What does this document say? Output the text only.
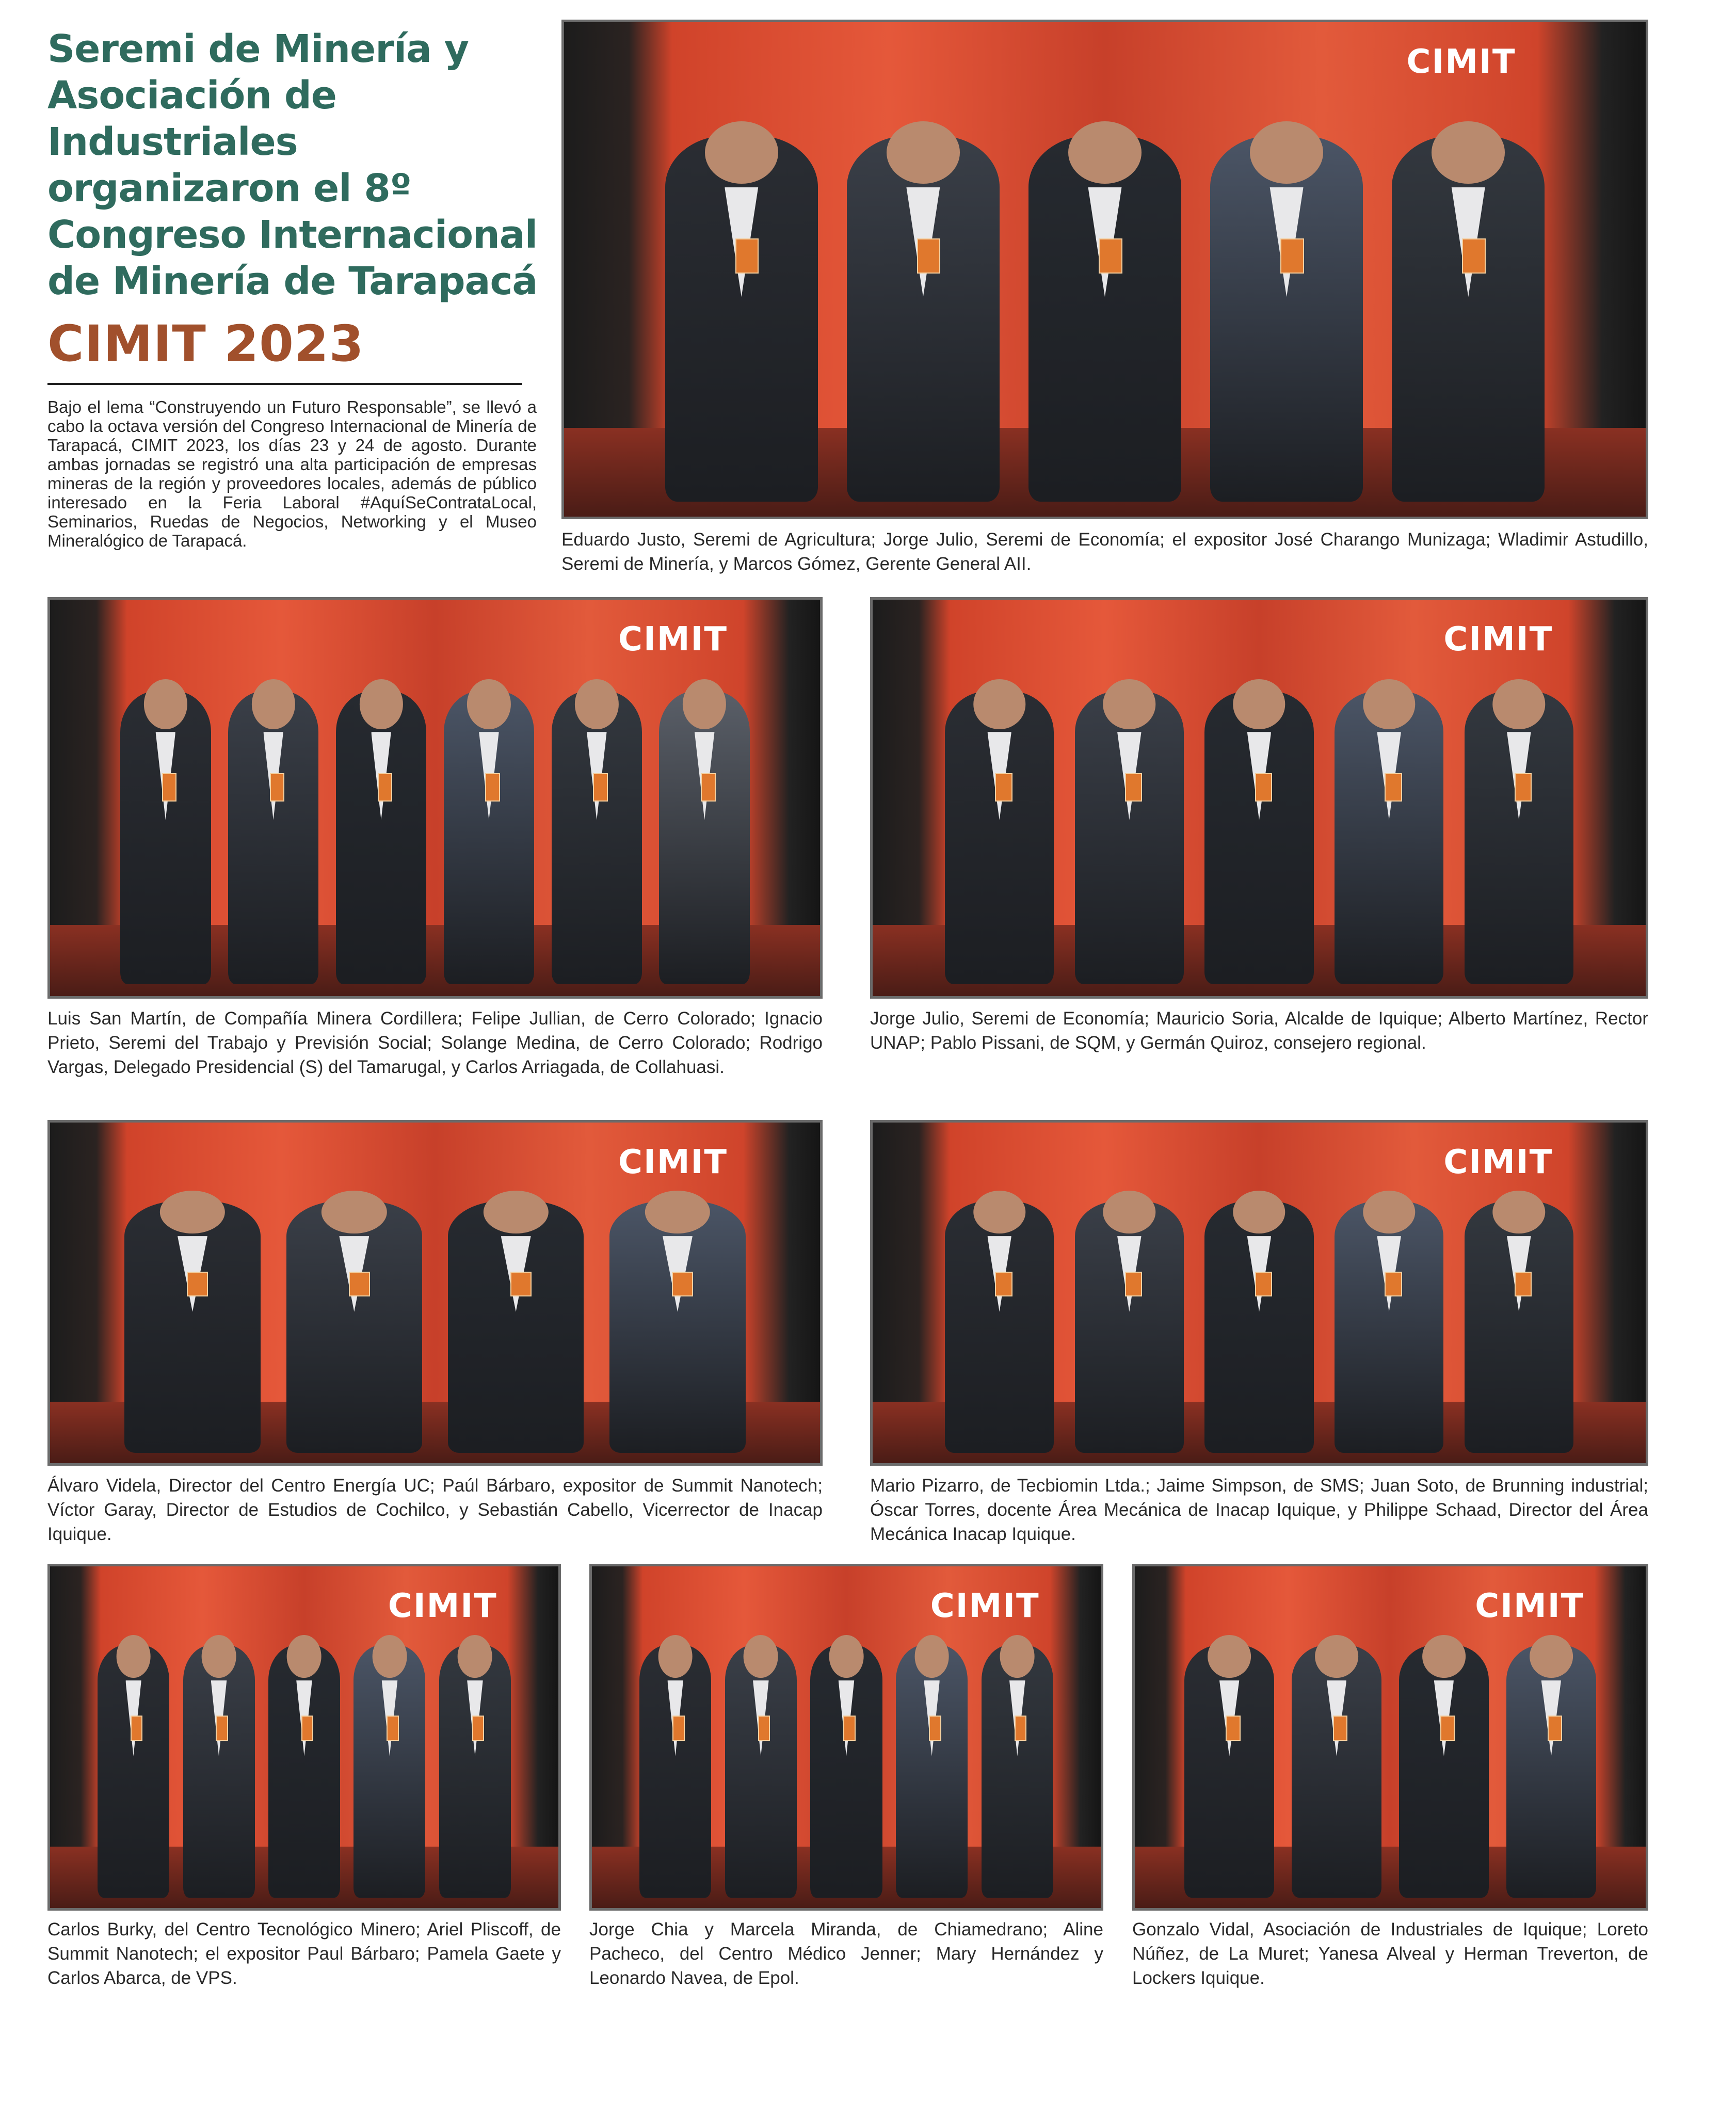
Seremi de Minería y Asociación de Industriales organizaron el 8º Congreso Internacional de Minería de Tarapacá
CIMIT 2023

Bajo el lema “Construyendo un Futuro Responsable”, se llevó a cabo la octava versión del Congreso Internacional de Minería de Tarapacá, CIMIT 2023, los días 23 y 24 de agosto. Durante ambas jornadas se registró una alta participación de empresas mineras de la región y proveedores locales, además de público interesado en la Feria Laboral #AquíSeContrataLocal, Seminarios, Ruedas de Negocios, Networking y el Museo Mineralógico de Tarapacá.

CIMIT

Eduardo Justo, Seremi de Agricultura; Jorge Julio, Seremi de Economía; el expositor José Charango Munizaga; Wladimir Astudillo, Seremi de Minería, y Marcos Gómez, Gerente General AII.

CIMIT

Luis San Martín, de Compañía Minera Cordillera; Felipe Jullian, de Cerro Colorado; Ignacio Prieto, Seremi del Trabajo y Previsión Social; Solange Medina, de Cerro Colorado; Rodrigo Vargas, Delegado Presidencial (S) del Tamarugal, y Carlos Arriagada, de Collahuasi.

CIMIT

Jorge Julio, Seremi de Economía; Mauricio Soria, Alcalde de Iquique; Alberto Martínez, Rector UNAP; Pablo Pissani, de SQM, y Germán Quiroz, consejero regional.

CIMIT

Álvaro Videla, Director del Centro Energía UC; Paúl Bárbaro, expositor de Summit Nanotech; Víctor Garay, Director de Estudios de Cochilco, y Sebastián Cabello, Vicerrector de Inacap Iquique.

CIMIT

Mario Pizarro, de Tecbiomin Ltda.; Jaime Simpson, de SMS; Juan Soto, de Brunning industrial; Óscar Torres, docente Área Mecánica de Inacap Iquique, y Philippe Schaad, Director del Área Mecánica Inacap Iquique.

CIMIT

Carlos Burky, del Centro Tecnológico Minero; Ariel Pliscoff, de Summit Nanotech; el expositor Paul Bárbaro; Pamela Gaete y Carlos Abarca, de VPS.

CIMIT

Jorge Chia y Marcela Miranda, de Chiamedrano; Aline Pacheco, del Centro Médico Jenner; Mary Hernández y Leonardo Navea, de Epol.

CIMIT

Gonzalo Vidal, Asociación de Industriales de Iquique; Loreto Núñez, de La Muret; Yanesa Alveal y Herman Treverton, de Lockers Iquique.
